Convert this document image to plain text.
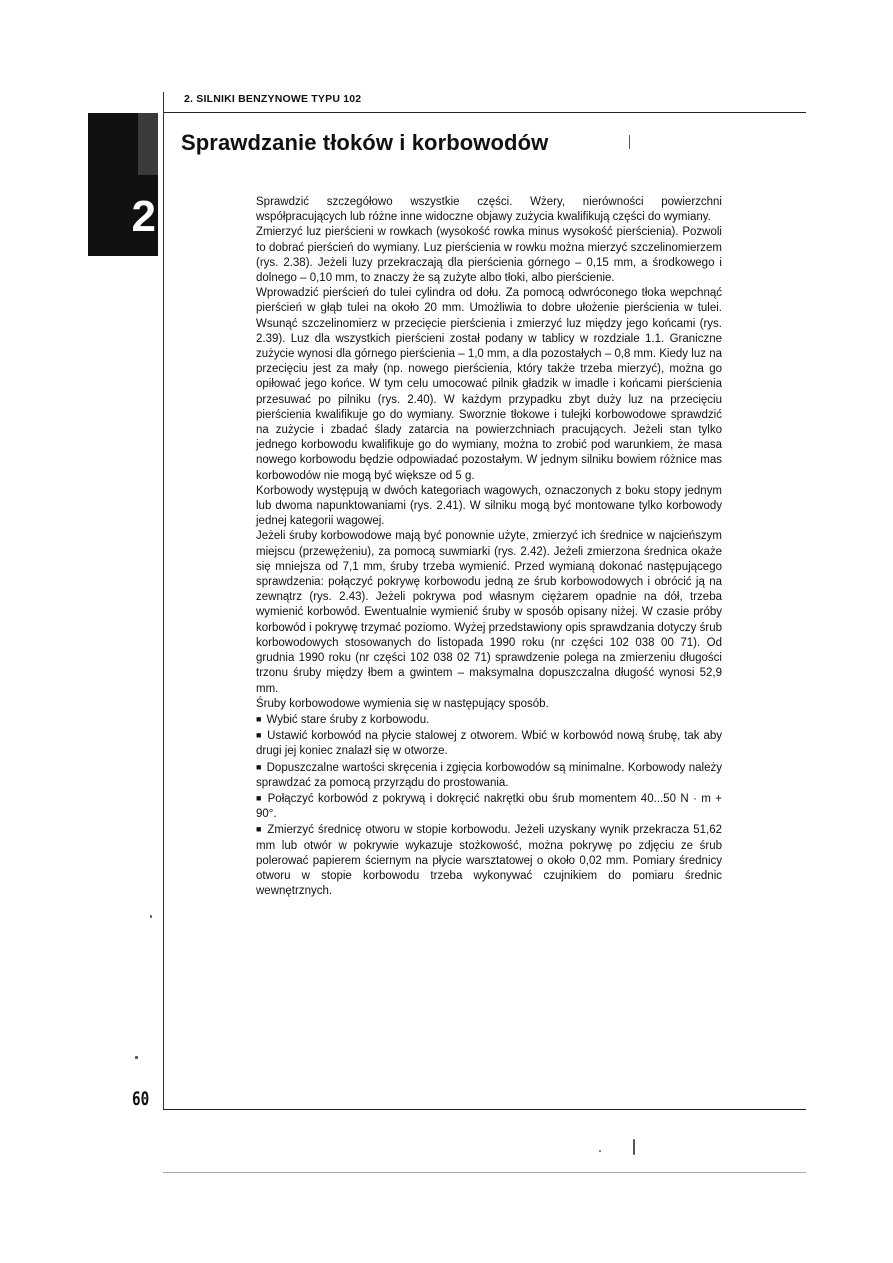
2. SILNIKI BENZYNOWE TYPU 102
2
Sprawdzanie tłoków i korbowodów

Sprawdzić szczegółowo wszystkie części. Wżery, nierówności powierzchni współpracujących lub różne inne widoczne objawy zużycia kwalifikują części do wymiany.

Zmierzyć luz pierścieni w rowkach (wysokość rowka minus wysokość pierścienia). Pozwoli to dobrać pierścień do wymiany. Luz pierścienia w rowku można mierzyć szczelinomierzem (rys. 2.38). Jeżeli luzy przekraczają dla pierścienia górnego – 0,15 mm, a środkowego i dolnego – 0,10 mm, to znaczy że są zużyte albo tłoki, albo pierścienie.

Wprowadzić pierścień do tulei cylindra od dołu. Za pomocą odwróconego tłoka wepchnąć pierścień w głąb tulei na około 20 mm. Umożliwia to dobre ułożenie pierścienia w tulei. Wsunąć szczelinomierz w przecięcie pierścienia i zmierzyć luz między jego końcami (rys. 2.39). Luz dla wszystkich pierścieni został podany w tablicy w rozdziale 1.1. Graniczne zużycie wynosi dla górnego pierścienia – 1,0 mm, a dla pozostałych – 0,8 mm. Kiedy luz na przecięciu jest za mały (np. nowego pierścienia, który także trzeba mierzyć), można go opiłować jego końce. W tym celu umocować pilnik gładzik w imadle i końcami pierścienia przesuwać po pilniku (rys. 2.40). W każdym przypadku zbyt duży luz na przecięciu pierścienia kwalifikuje go do wymiany. Sworznie tłokowe i tulejki korbowodowe sprawdzić na zużycie i zbadać ślady zatarcia na powierzchniach pracujących. Jeżeli stan tylko jednego korbowodu kwalifikuje go do wymiany, można to zrobić pod warunkiem, że masa nowego korbowodu będzie odpowiadać pozostałym. W jednym silniku bowiem różnice mas korbowodów nie mogą być większe od 5 g.

Korbowody występują w dwóch kategoriach wagowych, oznaczonych z boku stopy jednym lub dwoma napunktowaniami (rys. 2.41). W silniku mogą być montowane tylko korbowody jednej kategorii wagowej.

Jeżeli śruby korbowodowe mają być ponownie użyte, zmierzyć ich średnice w najcieńszym miejscu (przewężeniu), za pomocą suwmiarki (rys. 2.42). Jeżeli zmierzona średnica okaże się mniejsza od 7,1 mm, śruby trzeba wymienić. Przed wymianą dokonać następującego sprawdzenia: połączyć pokrywę korbowodu jedną ze śrub korbowodowych i obrócić ją na zewnątrz (rys. 2.43). Jeżeli pokrywa pod własnym ciężarem opadnie na dół, trzeba wymienić korbowód. Ewentualnie wymienić śruby w sposób opisany niżej. W czasie próby korbowód i pokrywę trzymać poziomo. Wyżej przedstawiony opis sprawdzania dotyczy śrub korbowodowych stosowanych do listopada 1990 roku (nr części 102 038 00 71). Od grudnia 1990 roku (nr części 102 038 02 71) sprawdzenie polega na zmierzeniu długości trzonu śruby między łbem a gwintem – maksymalna dopuszczalna długość wynosi 52,9 mm.

Śruby korbowodowe wymienia się w następujący sposób.

■ Wybić stare śruby z korbowodu.

■ Ustawić korbowód na płycie stalowej z otworem. Wbić w korbowód nową śrubę, tak aby drugi jej koniec znalazł się w otworze.

■ Dopuszczalne wartości skręcenia i zgięcia korbowodów są minimalne. Korbowody należy sprawdzać za pomocą przyrządu do prostowania.

■ Połączyć korbowód z pokrywą i dokręcić nakrętki obu śrub momentem 40...50 N · m + 90°.

■ Zmierzyć średnicę otworu w stopie korbowodu. Jeżeli uzyskany wynik przekracza 51,62 mm lub otwór w pokrywie wykazuje stożkowość, można pokrywę po zdjęciu ze śrub polerować papierem ściernym na płycie warsztatowej o około 0,02 mm. Pomiary średnicy otworu w stopie korbowodu trzeba wykonywać czujnikiem do pomiaru średnic wewnętrznych.

60
